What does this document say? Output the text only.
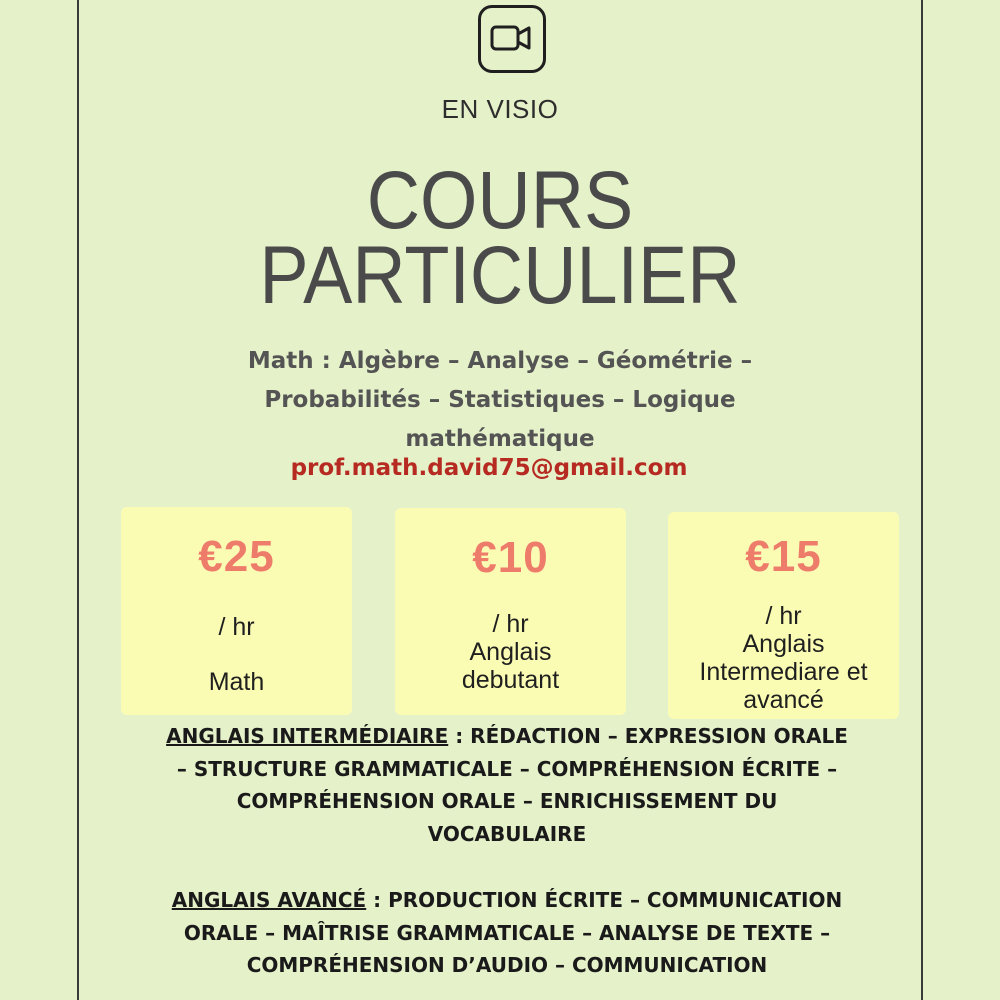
EN VISIO
COURS
PARTICULIER
Math : Algèbre – Analyse – Géométrie –
Probabilités – Statistiques – Logique
mathématique
prof.math.david75@gmail.com
€25
/ hr
Math
€10
/ hr
Anglais
debutant
€15
/ hr
Anglais
Intermediare et
avancé
ANGLAIS INTERMÉDIAIRE : RÉDACTION – EXPRESSION ORALE
– STRUCTURE GRAMMATICALE – COMPRÉHENSION ÉCRITE –
COMPRÉHENSION ORALE – ENRICHISSEMENT DU
VOCABULAIRE
ANGLAIS AVANCÉ : PRODUCTION ÉCRITE – COMMUNICATION
ORALE – MAÎTRISE GRAMMATICALE – ANALYSE DE TEXTE –
COMPRÉHENSION D’AUDIO – COMMUNICATION
